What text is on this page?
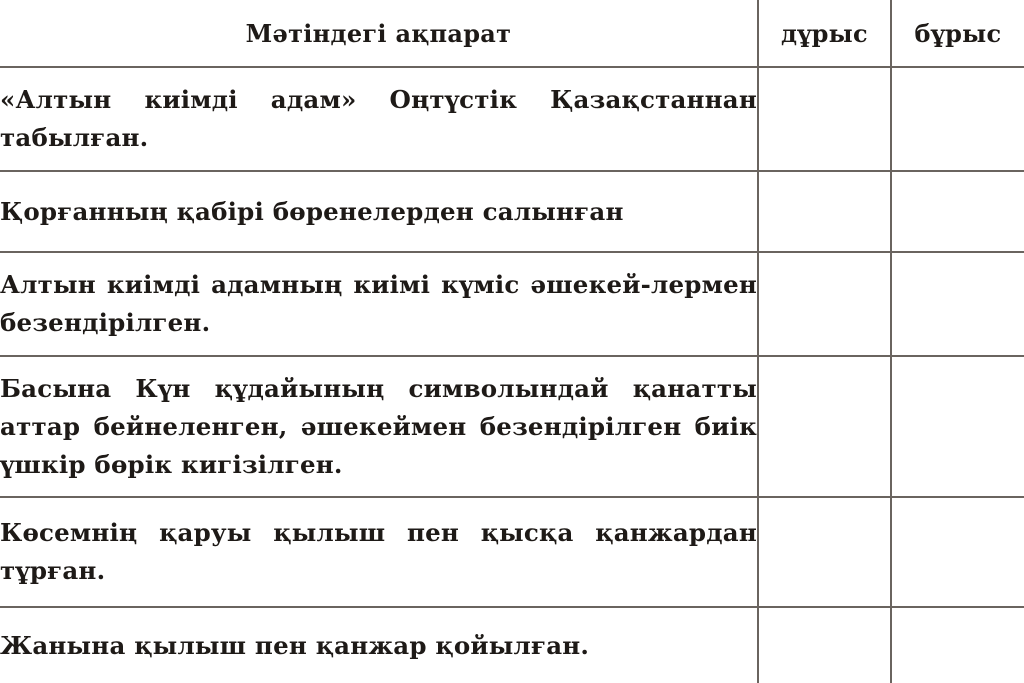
Мәтіндегі ақпарат	дұрыс	бұрыс
«Алтын киімді адам» Оңтүстік Қазақстаннан табылған.		
Қорғанның қабірі бөренелерден салынған		
Алтын киімді адамның киімі күміс әшекей-лермен безендірілген.		
Басына Күн құдайының символындай қанатты аттар бейнеленген, әшекеймен безендірілген биік үшкір бөрік кигізілген.		
Көсемнің қаруы қылыш пен қысқа қанжардан тұрған.		
Жанына қылыш пен қанжар қойылған.		
